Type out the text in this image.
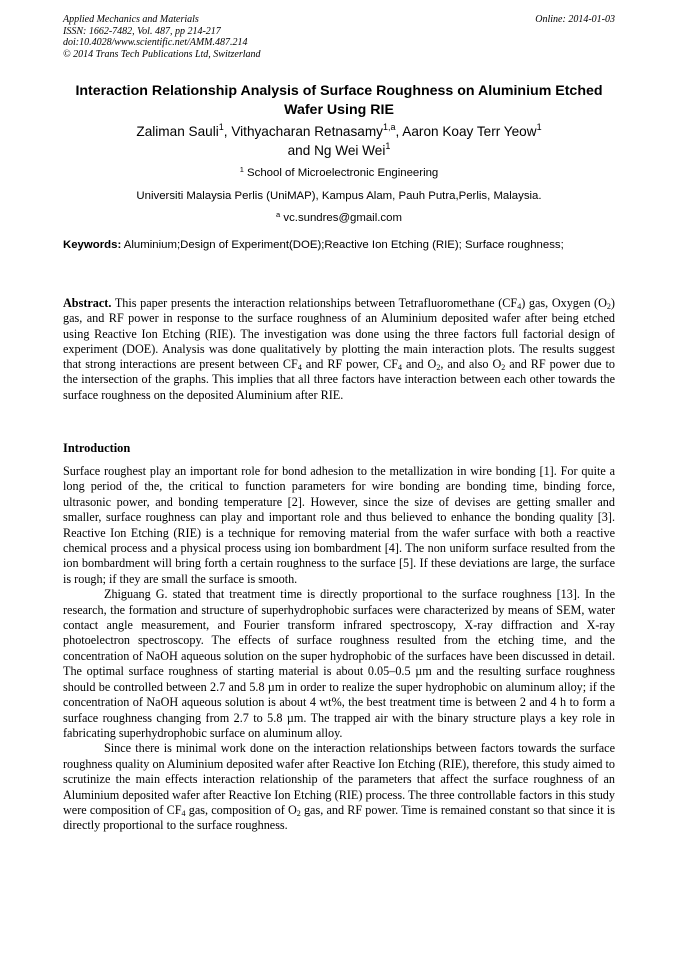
Applied Mechanics and Materials
ISSN: 1662-7482, Vol. 487, pp 214-217
doi:10.4028/www.scientific.net/AMM.487.214
© 2014 Trans Tech Publications Ltd, Switzerland
Online: 2014-01-03
Interaction Relationship Analysis of Surface Roughness on Aluminium Etched Wafer Using RIE
Zaliman Sauli$^1$, Vithyacharan Retnasamy$^{1,a}$, Aaron Koay Terr Yeow$^1$
and Ng Wei Wei$^1$
$^1$ School of Microelectronic Engineering
Universiti Malaysia Perlis (UniMAP), Kampus Alam, Pauh Putra,Perlis, Malaysia.
$^a$ vc.sundres@gmail.com
Keywords: Aluminium;Design of Experiment(DOE);Reactive Ion Etching (RIE); Surface roughness;
Abstract. This paper presents the interaction relationships between Tetrafluoromethane $(CF_4)$ gas, Oxygen $(O_2)$ gas, and RF power in response to the surface roughness of an Aluminium deposited wafer after being etched using Reactive Ion Etching (RIE). The investigation was done using the three factors full factorial design of experiment (DOE). Analysis was done qualitatively by plotting the main interaction plots. The results suggest that strong interactions are present between $CF_4$ and RF power, $CF_4$ and $O_2$, and also $O_2$ and RF power due to the intersection of the graphs. This implies that all three factors have interaction between each other towards the surface roughness on the deposited Aluminium after RIE.
Introduction

Surface roughest play an important role for bond adhesion to the metallization in wire bonding [1]. For quite a long period of the, the critical to function parameters for wire bonding are bonding time, binding force, ultrasonic power, and bonding temperature [2]. However, since the size of devises are getting smaller and smaller, surface roughness can play and important role and thus believed to enhance the bonding quality [3]. Reactive Ion Etching (RIE) is a technique for removing material from the wafer surface with both a reactive chemical process and a physical process using ion bombardment [4]. The non uniform surface resulted from the ion bombardment will bring forth a certain roughness to the surface [5]. If these deviations are large, the surface is rough; if they are small the surface is smooth.

Zhiguang G. stated that treatment time is directly proportional to the surface roughness [13]. In the research, the formation and structure of superhydrophobic surfaces were characterized by means of SEM, water contact angle measurement, and Fourier transform infrared spectroscopy, X-ray diffraction and X-ray photoelectron spectroscopy. The effects of surface roughness resulted from the etching time, and the concentration of NaOH aqueous solution on the super hydrophobic of the surfaces have been discussed in detail. The optimal surface roughness of starting material is about 0.05–0.5 µm and the resulting surface roughness should be controlled between 2.7 and 5.8 µm in order to realize the super hydrophobic on aluminum alloy; if the concentration of NaOH aqueous solution is about 4 wt%, the best treatment time is between 2 and 4 h to form a surface roughness changing from 2.7 to 5.8 µm. The trapped air with the binary structure plays a key role in fabricating superhydrophobic surface on aluminum alloy.

Since there is minimal work done on the interaction relationships between factors towards the surface roughness quality on Aluminium deposited wafer after Reactive Ion Etching (RIE), therefore, this study aimed to scrutinize the main effects interaction relationship of the parameters that affect the surface roughness of an Aluminium deposited wafer after Reactive Ion Etching (RIE) process. The three controllable factors in this study were composition of $CF_4$ gas, composition of $O_2$ gas, and RF power. Time is remained constant so that since it is directly proportional to the surface roughness.
